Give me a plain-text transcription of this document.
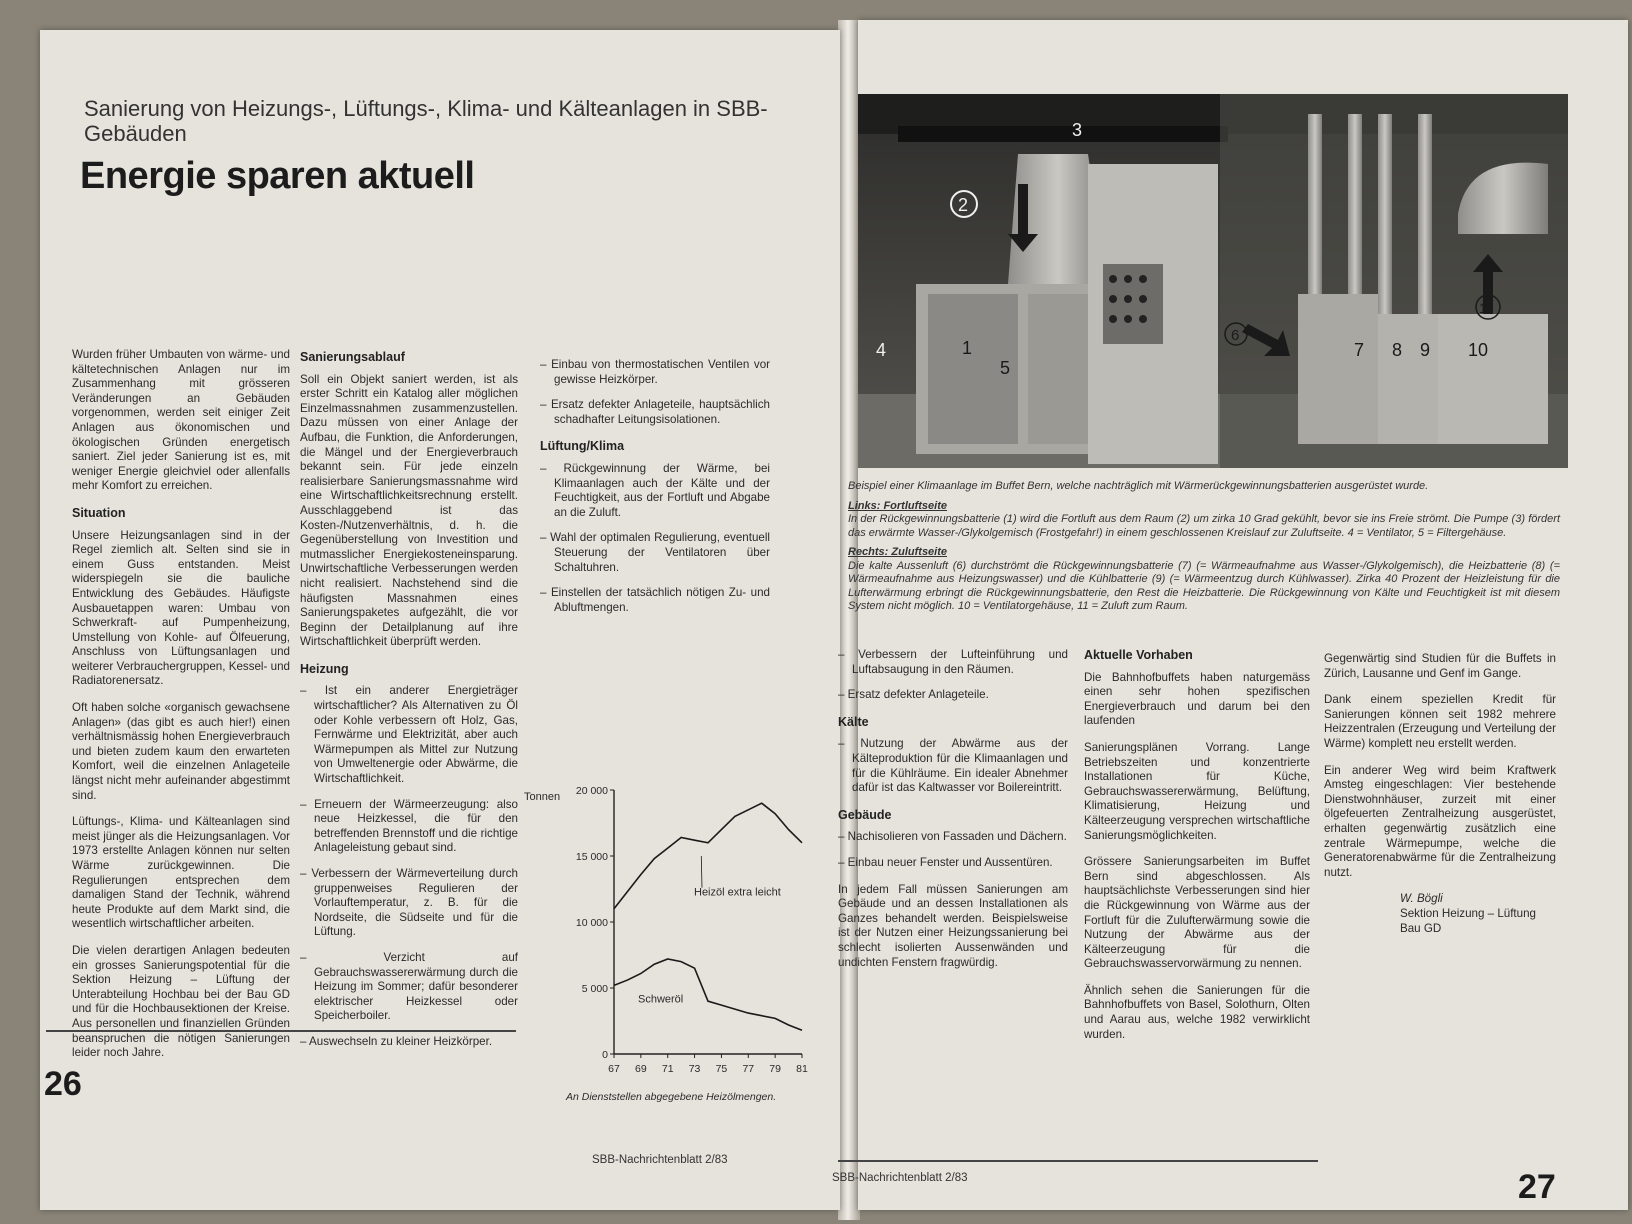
Sanierung von Heizungs-, Lüftungs-, Klima- und Kälteanlagen in SBB-Gebäuden
Energie sparen aktuell

Wurden früher Umbauten von wärme- und kältetechnischen Anlagen nur im Zusammenhang mit grösseren Veränderungen an Gebäuden vorgenommen, werden seit einiger Zeit Anlagen aus ökonomischen und ökologischen Gründen energetisch saniert. Ziel jeder Sanierung ist es, mit weniger Energie gleichviel oder allenfalls mehr Komfort zu erreichen.

Situation

Unsere Heizungsanlagen sind in der Regel ziemlich alt. Selten sind sie in einem Guss entstanden. Meist widerspiegeln sie die bauliche Entwicklung des Gebäudes. Häufigste Ausbauetappen waren: Umbau von Schwerkraft- auf Pumpenheizung, Umstellung von Kohle- auf Ölfeuerung, Anschluss von Lüftungsanlagen und weiterer Verbrauchergruppen, Kessel- und Radiatorenersatz.

Oft haben solche «organisch gewachsene Anlagen» (das gibt es auch hier!) einen verhältnismässig hohen Energieverbrauch und bieten zudem kaum den erwarteten Komfort, weil die einzelnen Anlageteile längst nicht mehr aufeinander abgestimmt sind.

Lüftungs-, Klima- und Kälteanlagen sind meist jünger als die Heizungsanlagen. Vor 1973 erstellte Anlagen können nur selten Wärme zurückgewinnen. Die Regulierungen entsprechen dem damaligen Stand der Technik, während heute Produkte auf dem Markt sind, die wesentlich wirtschaftlicher arbeiten.

Die vielen derartigen Anlagen bedeuten ein grosses Sanierungspotential für die Sektion Heizung – Lüftung der Unterabteilung Hochbau bei der Bau GD und für die Hochbausektionen der Kreise. Aus personellen und finanziellen Gründen beanspruchen die nötigen Sanierungen leider noch Jahre.

Sanierungsablauf

Soll ein Objekt saniert werden, ist als erster Schritt ein Katalog aller möglichen Einzelmassnahmen zusammenzustellen. Dazu müssen von einer Anlage der Aufbau, die Funktion, die Anforderungen, die Mängel und der Energieverbrauch bekannt sein. Für jede einzeln realisierbare Sanierungsmassnahme wird eine Wirtschaftlichkeitsrechnung erstellt. Ausschlaggebend ist das Kosten-/Nutzenverhältnis, d. h. die Gegenüberstellung von Investition und mutmasslicher Energiekosteneinsparung. Unwirtschaftliche Verbesserungen werden nicht realisiert. Nachstehend sind die häufigsten Massnahmen eines Sanierungspaketes aufgezählt, die vor Beginn der Detailplanung auf ihre Wirtschaftlichkeit überprüft werden.

Heizung
– Ist ein anderer Energieträger wirtschaftlicher? Als Alternativen zu Öl oder Kohle verbessern oft Holz, Gas, Fernwärme und Elektrizität, aber auch Wärmepumpen als Mittel zur Nutzung von Umweltenergie oder Abwärme, die Wirtschaftlichkeit.
– Erneuern der Wärmeerzeugung: also neue Heizkessel, die für den betreffenden Brennstoff und die richtige Anlageleistung gebaut sind.
– Verbessern der Wärmeverteilung durch gruppenweises Regulieren der Vorlauftemperatur, z. B. für die Nordseite, die Südseite und für die Lüftung.
– Verzicht auf Gebrauchswassererwärmung durch die Heizung im Sommer; dafür besonderer elektrischer Heizkessel oder Speicherboiler.
– Auswechseln zu kleiner Heizkörper.
– Einbau von thermostatischen Ventilen vor gewisse Heizkörper.
– Ersatz defekter Anlageteile, hauptsächlich schadhafter Leitungsisolationen.
Lüftung/Klima
– Rückgewinnung der Wärme, bei Klimaanlagen auch der Kälte und der Feuchtigkeit, aus der Fortluft und Abgabe an die Zuluft.
– Wahl der optimalen Regulierung, eventuell Steuerung der Ventilatoren über Schaltuhren.
– Einstellen der tatsächlich nötigen Zu- und Abluftmengen.
Tonnen 20 000
15 000
10 000
5 000
0
67 69 71 73 75 77 79 81
Heizöl extra leicht
Schweröl
An Dienststellen abgegebene Heizölmengen.
26
SBB-Nachrichtenblatt 2/83
3
2
4	1
5
6
7 8 9 10
11

Beispiel einer Klimaanlage im Buffet Bern, welche nachträglich mit Wärmerückgewinnungsbatterien ausgerüstet wurde.

Links: Fortluftseite

In der Rückgewinnungsbatterie (1) wird die Fortluft aus dem Raum (2) um zirka 10 Grad gekühlt, bevor sie ins Freie strömt. Die Pumpe (3) fördert das erwärmte Wasser-/Glykolgemisch (Frostgefahr!) in einem geschlossenen Kreislauf zur Zuluftseite. 4 = Ventilator, 5 = Filtergehäuse.

Rechts: Zuluftseite

Die kalte Aussenluft (6) durchströmt die Rückgewinnungsbatterie (7) (= Wärmeaufnahme aus Wasser-/Glykolgemisch), die Heizbatterie (8) (= Wärmeaufnahme aus Heizungswasser) und die Kühlbatterie (9) (= Wärmeentzug durch Kühlwasser). Zirka 40 Prozent der Heizleistung für die Lufterwärmung erbringt die Rückgewinnungsbatterie, den Rest die Heizbatterie. Die Rückgewinnung von Kälte und Feuchtigkeit ist mit diesem System nicht möglich. 10 = Ventilatorgehäuse, 11 = Zuluft zum Raum.

– Verbessern der Lufteinführung und Luftabsaugung in den Räumen.
– Ersatz defekter Anlageteile.
Kälte
– Nutzung der Abwärme aus der Kälteproduktion für die Klimaanlagen und für die Kühlräume. Ein idealer Abnehmer dafür ist das Kaltwasser vor Boilereintritt.
Gebäude
– Nachisolieren von Fassaden und Dächern.
– Einbau neuer Fenster und Aussentüren.

In jedem Fall müssen Sanierungen am Gebäude und an dessen Installationen als Ganzes behandelt werden. Beispielsweise ist der Nutzen einer Heizungssanierung bei schlecht isolierten Aussenwänden und undichten Fenstern fragwürdig.

Aktuelle Vorhaben

Die Bahnhofbuffets haben naturgemäss einen sehr hohen spezifischen Energieverbrauch und darum bei den laufenden

Sanierungsplänen Vorrang. Lange Betriebszeiten und konzentrierte Installationen für Küche, Gebrauchswassererwärmung, Belüftung, Klimatisierung, Heizung und Kälteerzeugung versprechen wirtschaftliche Sanierungsmöglichkeiten.

Grössere Sanierungsarbeiten im Buffet Bern sind abgeschlossen. Als hauptsächlichste Verbesserungen sind hier die Rückgewinnung von Wärme aus der Fortluft für die Zulufterwärmung sowie die Nutzung der Abwärme aus der Kälteerzeugung für die Gebrauchswasservorwärmung zu nennen.

Ähnlich sehen die Sanierungen für die Bahnhofbuffets von Basel, Solothurn, Olten und Aarau aus, welche 1982 verwirklicht wurden.

Gegenwärtig sind Studien für die Buffets in Zürich, Lausanne und Genf im Gange.

Dank einem speziellen Kredit für Sanierungen können seit 1982 mehrere Heizzentralen (Erzeugung und Verteilung der Wärme) komplett neu erstellt werden.

Ein anderer Weg wird beim Kraftwerk Amsteg eingeschlagen: Vier bestehende Dienstwohnhäuser, zurzeit mit einer ölgefeuerten Zentralheizung ausgerüstet, erhalten gegenwärtig zusätzlich eine zentrale Wärmepumpe, welche die Generatorenabwärme für die Zentralheizung nutzt.

W. Bögli
Sektion Heizung – Lüftung
Bau GD
SBB-Nachrichtenblatt 2/83	27
